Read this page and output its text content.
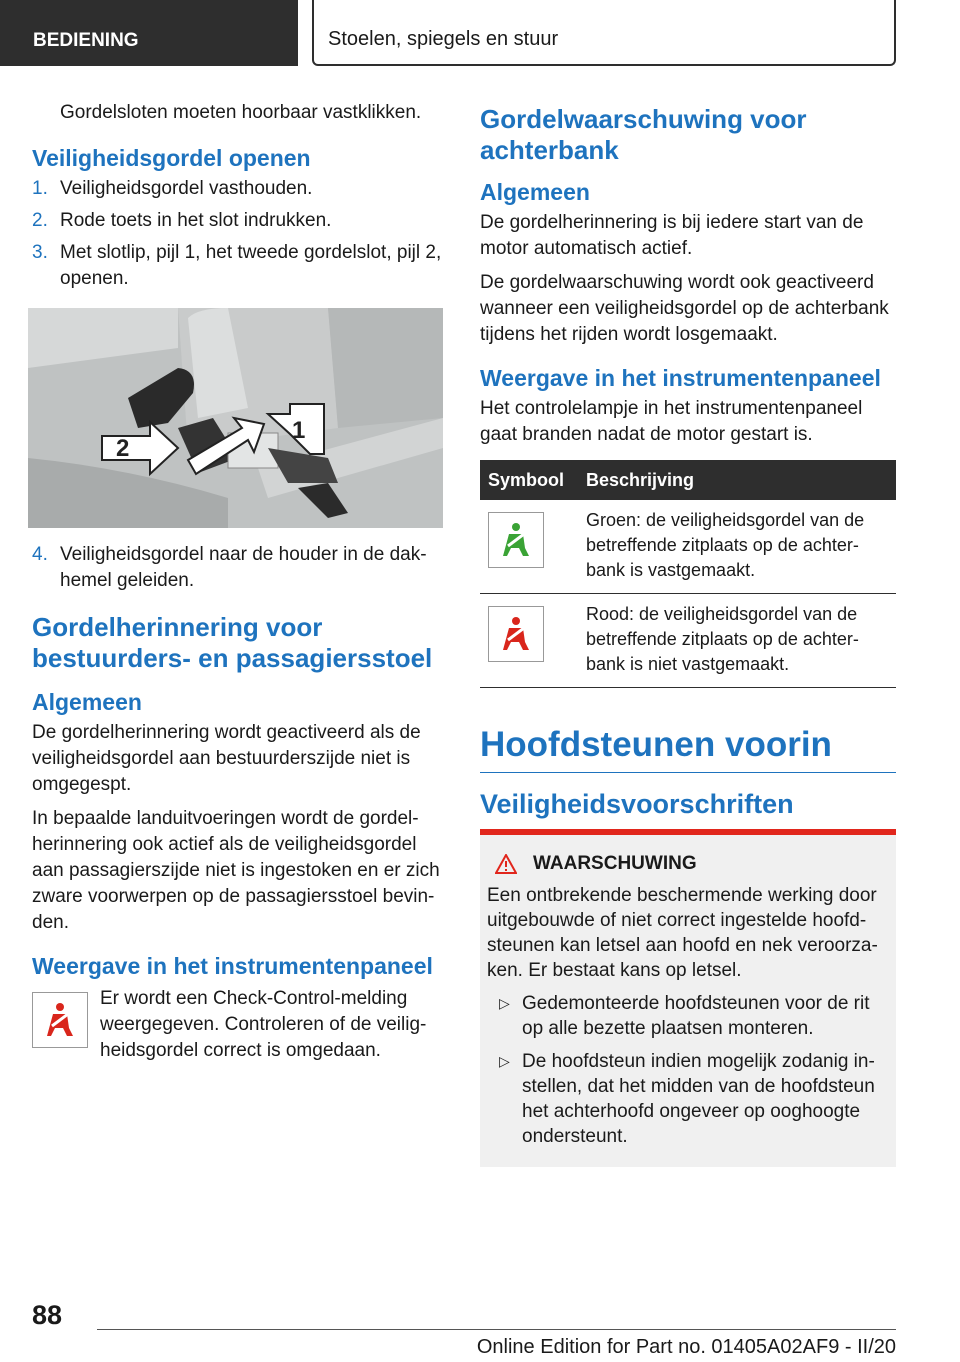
BEDIENING	Stoelen, spiegels en stuur

Gordelsloten moeten hoorbaar vastklikken.

Veiligheidsgordel openen
1. Veiligheidsgordel vasthouden.
2. Rode toets in het slot indrukken.
3. Met slotlip, pijl 1, het tweede gordelslot, pijl 2, openen.
2
1
4. Veiligheidsgordel naar de houder in de dak-hemel geleiden.
Gordelherinnering voor bestuurders- en passagiersstoel
Algemeen

De gordelherinnering wordt geactiveerd als de veiligheidsgordel aan bestuurderszijde niet is omgegespt.

In bepaalde landuitvoeringen wordt de gordel-herinnering ook actief als de veiligheidsgordel aan passagierszijde niet is ingestoken en er zich zware voorwerpen op de passagiersstoel bevin-den.

Weergave in het instrumentenpaneel

Er wordt een Check-Control-melding weergegeven. Controleren of de veilig-heidsgordel correct is omgedaan.

Gordelwaarschuwing voor achterbank
Algemeen

De gordelherinnering is bij iedere start van de motor automatisch actief.

De gordelwaarschuwing wordt ook geactiveerd wanneer een veiligheidsgordel op de achterbank tijdens het rijden wordt losgemaakt.

Weergave in het instrumentenpaneel

Het controlelampje in het instrumentenpaneel gaat branden nadat de motor gestart is.

Symbool	Beschrijving

	Groen: de veiligheidsgordel van de betreffende zitplaats op de achter-bank is vastgemaakt.

	Rood: de veiligheidsgordel van de betreffende zitplaats op de achter-bank is niet vastgemaakt.
Hoofdsteunen voorin
Veiligheidsvoorschriften
WAARSCHUWING

Een ontbrekende beschermende werking door uitgebouwde of niet correct ingestelde hoofd-steunen kan letsel aan hoofd en nek veroorza-ken. Er bestaat kans op letsel.

▷ Gedemonteerde hoofdsteunen voor de rit op alle bezette plaatsen monteren.
▷ De hoofdsteun indien mogelijk zodanig in-stellen, dat het midden van de hoofdsteun het achterhoofd ongeveer op ooghoogte ondersteunt.
88
Online Edition for Part no. 01405A02AF9 - II/20
